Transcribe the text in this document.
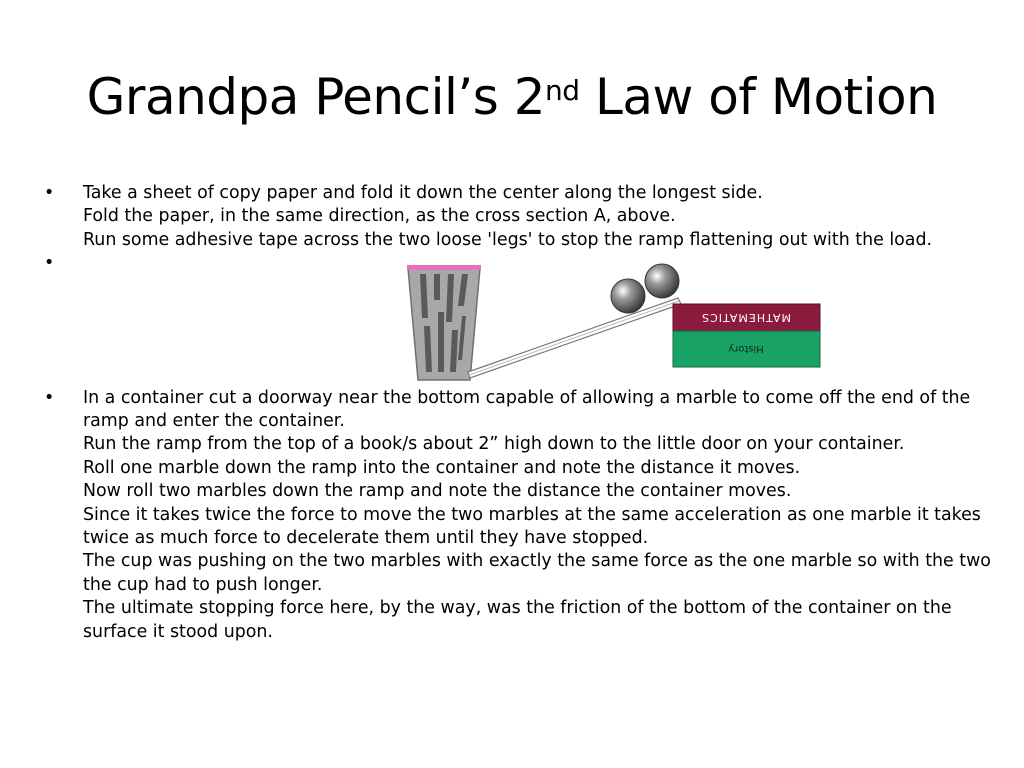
Grandpa Pencil’s 2nd Law of Motion
• Take a sheet of copy paper and fold it down the center along the longest side.
Fold the paper, in the same direction, as the cross section A, above.
Run some adhesive tape across the two loose 'legs' to stop the ramp flattening out with the load.
•
• In a container cut a doorway near the bottom capable of allowing a marble to come off the end of the ramp and enter the container.
Run the ramp from the top of a book/s about 2” high down to the little door on your container.
Roll one marble down the ramp into the container and note the distance it moves.
Now roll two marbles down the ramp and note the distance the container moves.
Since it takes twice the force to move the two marbles at the same acceleration as one marble it takes twice as much force to decelerate them until they have stopped.
The cup was pushing on the two marbles with exactly the same force as the one marble so with the two the cup had to push longer.
The ultimate stopping force here, by the way, was the friction of the bottom of the container on the surface it stood upon.
MATHEMATICS
History
